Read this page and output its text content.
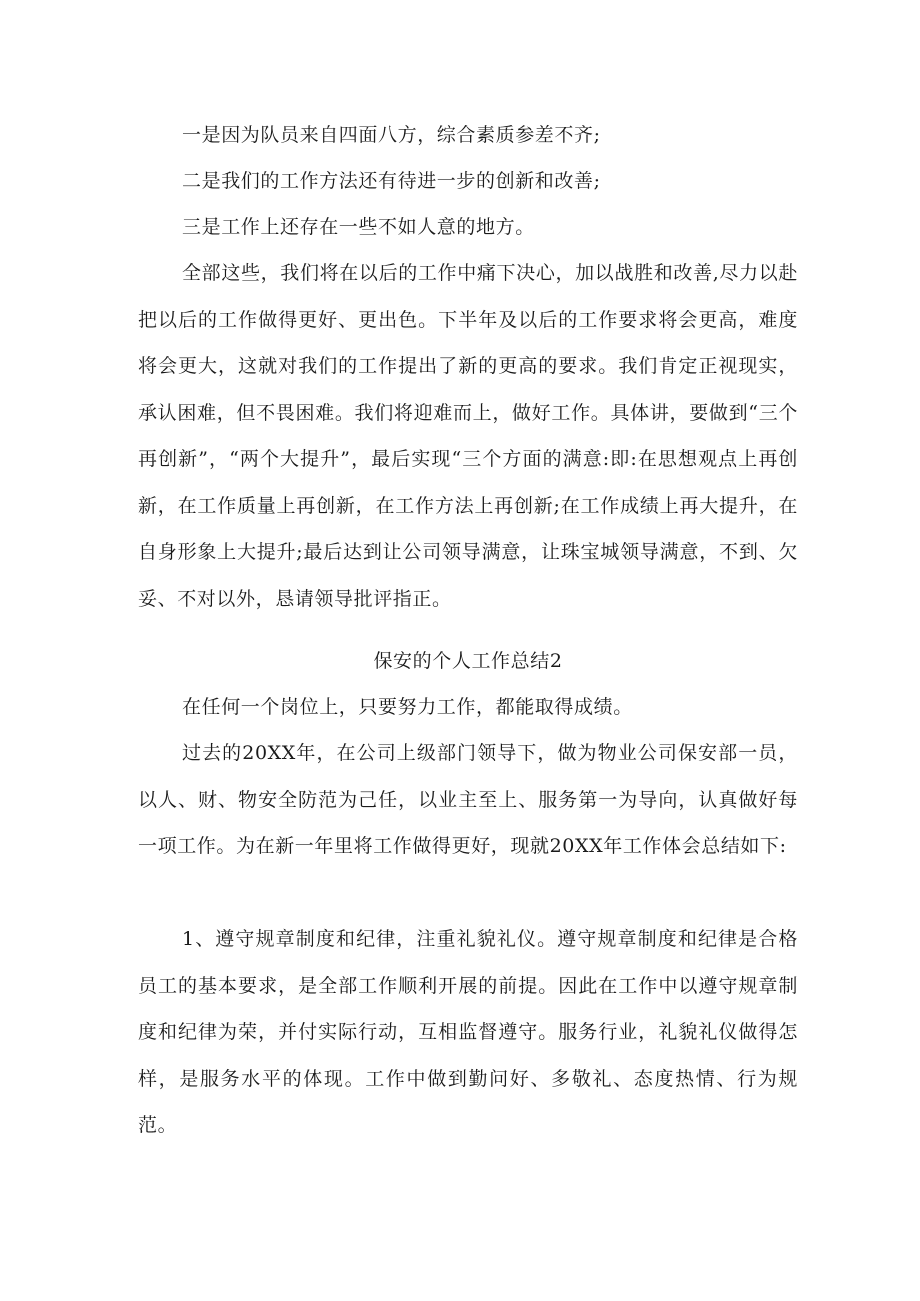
一是因为队员来自四面八方，综合素质参差不齐;

二是我们的工作方法还有待进一步的创新和改善;

三是工作上还存在一些不如人意的地方。

全部这些，我们将在以后的工作中痛下决心，加以战胜和改善,尽力以赴把以后的工作做得更好、更出色。下半年及以后的工作要求将会更高，难度将会更大，这就对我们的工作提出了新的更高的要求。我们肯定正视现实，承认困难，但不畏困难。我们将迎难而上，做好工作。具体讲，要做到“三个再创新”，“两个大提升”，最后实现“三个方面的满意:即:在思想观点上再创新，在工作质量上再创新，在工作方法上再创新;在工作成绩上再大提升，在自身形象上大提升;最后达到让公司领导满意，让珠宝城领导满意，不到、欠妥、不对以外，恳请领导批评指正。

保安的个人工作总结2

在任何一个岗位上，只要努力工作，都能取得成绩。

过去的20XX年，在公司上级部门领导下，做为物业公司保安部一员，以人、财、物安全防范为己任，以业主至上、服务第一为导向，认真做好每一项工作。为在新一年里将工作做得更好，现就20XX年工作体会总结如下:

1、遵守规章制度和纪律，注重礼貌礼仪。遵守规章制度和纪律是合格员工的基本要求，是全部工作顺利开展的前提。因此在工作中以遵守规章制度和纪律为荣，并付实际行动，互相监督遵守。服务行业，礼貌礼仪做得怎样，是服务水平的体现。工作中做到勤问好、多敬礼、态度热情、行为规范。
